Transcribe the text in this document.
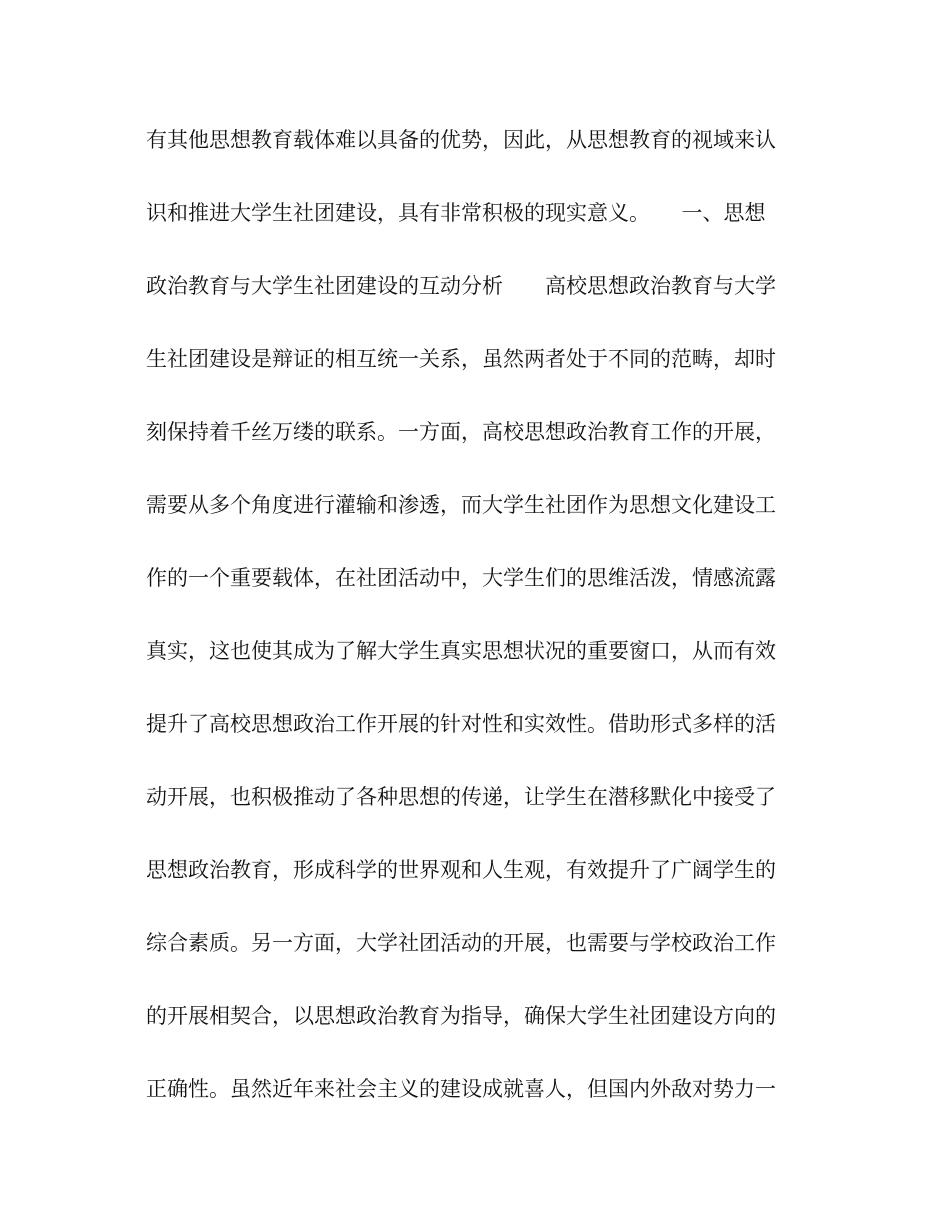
有其他思想教育载体难以具备的优势，因此，从思想教育的视域来认
识和推进大学生社团建设，具有非常积极的现实意义。　　一、思想
政治教育与大学生社团建设的互动分析　　高校思想政治教育与大学
生社团建设是辩证的相互统一关系，虽然两者处于不同的范畴，却时
刻保持着千丝万缕的联系。一方面，高校思想政治教育工作的开展，
需要从多个角度进行灌输和渗透，而大学生社团作为思想文化建设工
作的一个重要载体，在社团活动中，大学生们的思维活泼，情感流露
真实，这也使其成为了解大学生真实思想状况的重要窗口，从而有效
提升了高校思想政治工作开展的针对性和实效性。借助形式多样的活
动开展，也积极推动了各种思想的传递，让学生在潜移默化中接受了
思想政治教育，形成科学的世界观和人生观，有效提升了广阔学生的
综合素质。另一方面，大学社团活动的开展，也需要与学校政治工作
的开展相契合，以思想政治教育为指导，确保大学生社团建设方向的
正确性。虽然近年来社会主义的建设成就喜人，但国内外敌对势力一
